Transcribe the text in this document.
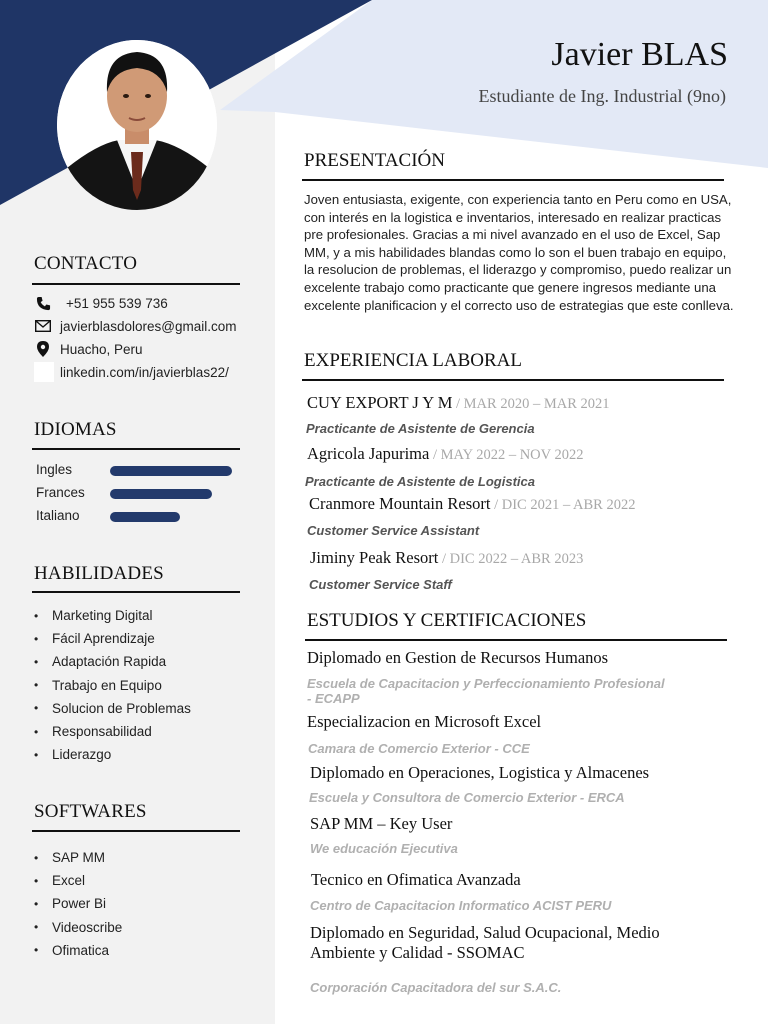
Javier BLAS
Estudiante de Ing. Industrial (9no)
CONTACTO
+51 955 539 736
javierblasdolores@gmail.com
Huacho, Peru
linkedin.com/in/javierblas22/
IDIOMAS
Ingles
Frances
Italiano
HABILIDADES
• Marketing Digital
• Fácil Aprendizaje
• Adaptación Rapida
• Trabajo en Equipo
• Solucion de Problemas
• Responsabilidad
• Liderazgo
SOFTWARES
• SAP MM
• Excel
• Power Bi
• Videoscribe
• Ofimatica
PRESENTACIÓN
Joven entusiasta, exigente, con experiencia tanto en Peru como en USA, con interés en la logistica e inventarios, interesado en realizar practicas pre profesionales. Gracias a mi nivel avanzado en el uso de Excel, Sap MM, y a mis habilidades blandas como lo son el buen trabajo en equipo, la resolucion de problemas, el liderazgo y compromiso, puedo realizar un excelente trabajo como practicante que genere ingresos mediante una excelente planificacion y el correcto uso de estrategias que este conlleva.
EXPERIENCIA LABORAL
CUY EXPORT J Y M / MAR 2020 – MAR 2021
Practicante de Asistente de Gerencia
Agricola Japurima / MAY 2022 – NOV 2022
Practicante de Asistente de Logistica
Cranmore Mountain Resort / DIC 2021 – ABR 2022
Customer Service Assistant
Jiminy Peak Resort / DIC 2022 – ABR 2023
Customer Service Staff
ESTUDIOS Y CERTIFICACIONES
Diplomado en Gestion de Recursos Humanos
Escuela de Capacitacion y Perfeccionamiento Profesional - ECAPP
Especializacion en Microsoft Excel
Camara de Comercio Exterior - CCE
Diplomado en Operaciones, Logistica y Almacenes
Escuela y Consultora de Comercio Exterior - ERCA
SAP MM – Key User
We educación Ejecutiva
Tecnico en Ofimatica Avanzada
Centro de Capacitacion Informatico ACIST PERU
Diplomado en Seguridad, Salud Ocupacional, Medio Ambiente y Calidad - SSOMAC
Corporación Capacitadora del sur S.A.C.
